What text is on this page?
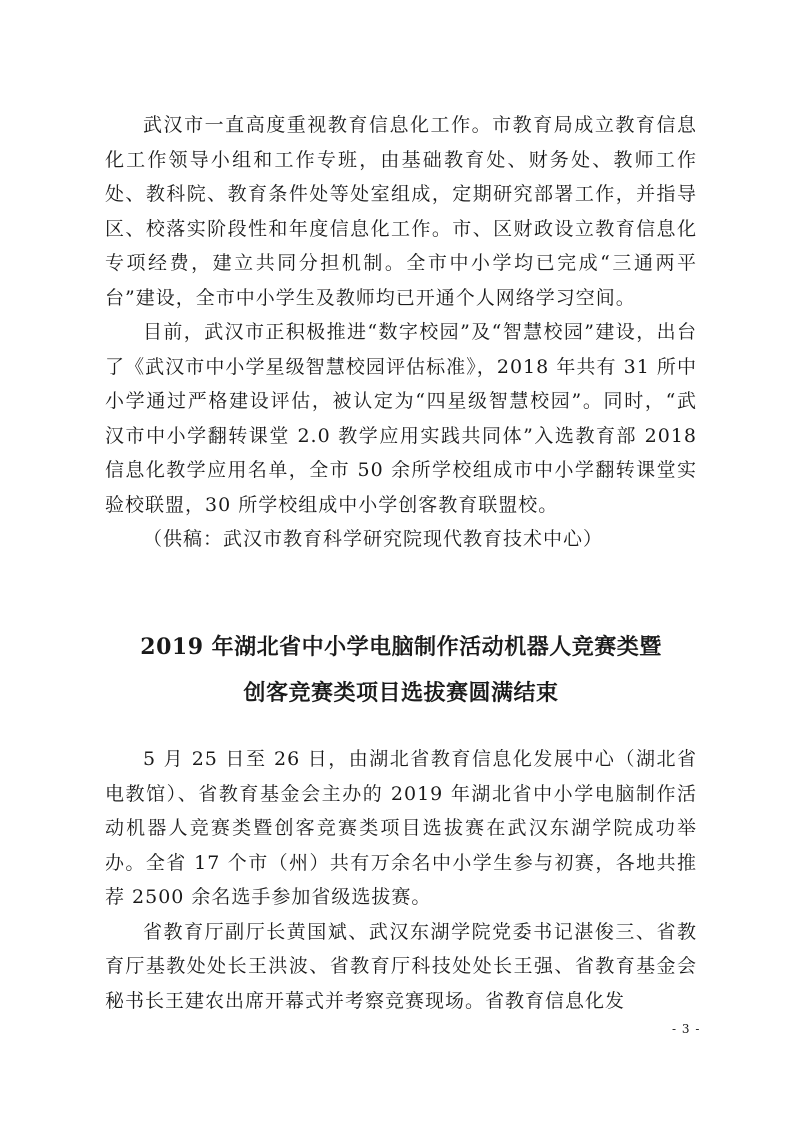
武汉市一直高度重视教育信息化工作。市教育局成立教育信息化工作领导小组和工作专班，由基础教育处、财务处、教师工作处、教科院、教育条件处等处室组成，定期研究部署工作，并指导区、校落实阶段性和年度信息化工作。市、区财政设立教育信息化专项经费，建立共同分担机制。全市中小学均已完成“三通两平台”建设，全市中小学生及教师均已开通个人网络学习空间。

目前，武汉市正积极推进“数字校园”及“智慧校园”建设，出台了《武汉市中小学星级智慧校园评估标准》，2018 年共有 31 所中小学通过严格建设评估，被认定为“四星级智慧校园”。同时，“武汉市中小学翻转课堂 2.0 教学应用实践共同体”入选教育部 2018 信息化教学应用名单，全市 50 余所学校组成市中小学翻转课堂实验校联盟，30 所学校组成中小学创客教育联盟校。

（供稿：武汉市教育科学研究院现代教育技术中心）

2019 年湖北省中小学电脑制作活动机器人竞赛类暨
创客竞赛类项目选拔赛圆满结束

5 月 25 日至 26 日，由湖北省教育信息化发展中心（湖北省电教馆）、省教育基金会主办的 2019 年湖北省中小学电脑制作活动机器人竞赛类暨创客竞赛类项目选拔赛在武汉东湖学院成功举办。全省 17 个市（州）共有万余名中小学生参与初赛，各地共推荐 2500 余名选手参加省级选拔赛。

省教育厅副厅长黄国斌、武汉东湖学院党委书记湛俊三、省教育厅基教处处长王洪波、省教育厅科技处处长王强、省教育基金会秘书长王建农出席开幕式并考察竞赛现场。省教育信息化发

- 3 -
